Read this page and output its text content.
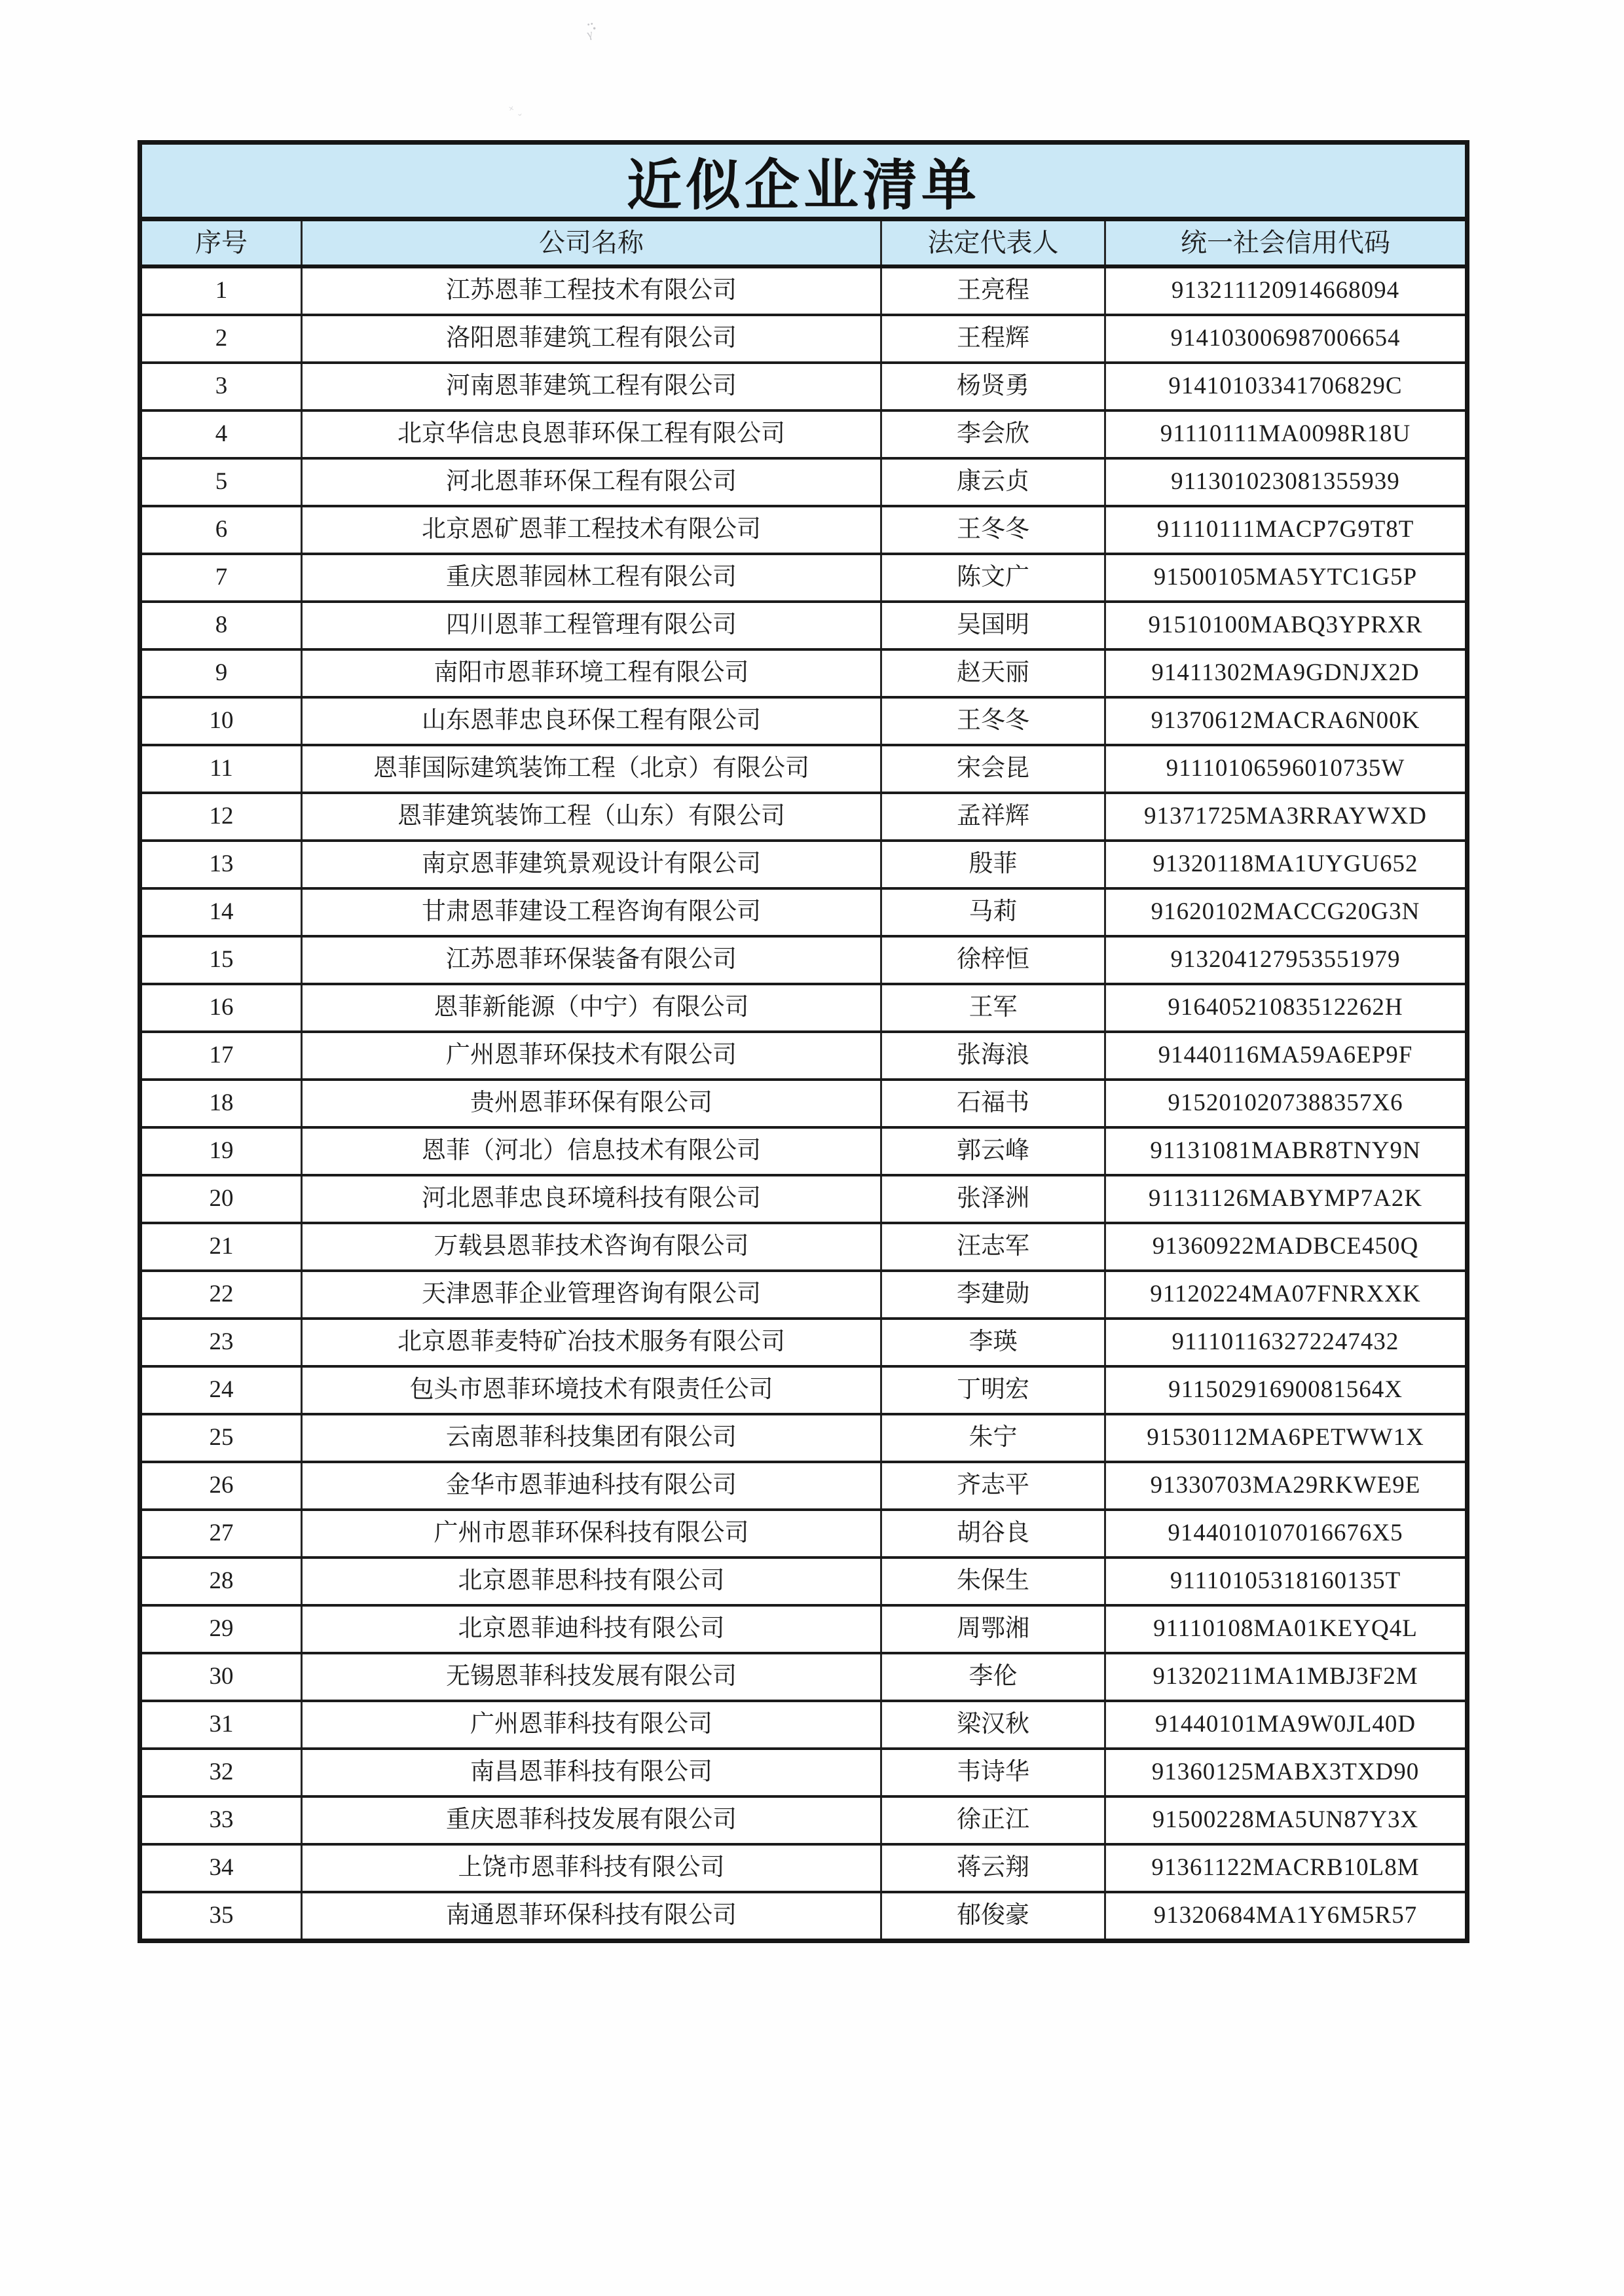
ᵧ̈·
˟ ˬ
近似企业清单
序号	公司名称	法定代表人	统一社会信用代码
1	江苏恩菲工程技术有限公司	王亮程	913211120914668094
2	洛阳恩菲建筑工程有限公司	王程辉	914103006987006654
3	河南恩菲建筑工程有限公司	杨贤勇	91410103341706829C
4	北京华信忠良恩菲环保工程有限公司	李会欣	91110111MA0098R18U
5	河北恩菲环保工程有限公司	康云贞	911301023081355939
6	北京恩矿恩菲工程技术有限公司	王冬冬	91110111MACP7G9T8T
7	重庆恩菲园林工程有限公司	陈文广	91500105MA5YTC1G5P
8	四川恩菲工程管理有限公司	吴国明	91510100MABQ3YPRXR
9	南阳市恩菲环境工程有限公司	赵天丽	91411302MA9GDNJX2D
10	山东恩菲忠良环保工程有限公司	王冬冬	91370612MACRA6N00K
11	恩菲国际建筑装饰工程（北京）有限公司	宋会昆	91110106596010735W
12	恩菲建筑装饰工程（山东）有限公司	孟祥辉	91371725MA3RRAYWXD
13	南京恩菲建筑景观设计有限公司	殷菲	91320118MA1UYGU652
14	甘肃恩菲建设工程咨询有限公司	马莉	91620102MACCG20G3N
15	江苏恩菲环保装备有限公司	徐梓恒	913204127953551979
16	恩菲新能源（中宁）有限公司	王军	91640521083512262H
17	广州恩菲环保技术有限公司	张海浪	91440116MA59A6EP9F
18	贵州恩菲环保有限公司	石福书	9152010207388357X6
19	恩菲（河北）信息技术有限公司	郭云峰	91131081MABR8TNY9N
20	河北恩菲忠良环境科技有限公司	张泽洲	91131126MABYMP7A2K
21	万载县恩菲技术咨询有限公司	汪志军	91360922MADBCE450Q
22	天津恩菲企业管理咨询有限公司	李建勋	91120224MA07FNRXXK
23	北京恩菲麦特矿冶技术服务有限公司	李瑛	911101163272247432
24	包头市恩菲环境技术有限责任公司	丁明宏	91150291690081564X
25	云南恩菲科技集团有限公司	朱宁	91530112MA6PETWW1X
26	金华市恩菲迪科技有限公司	齐志平	91330703MA29RKWE9E
27	广州市恩菲环保科技有限公司	胡谷良	9144010107016676X5
28	北京恩菲思科技有限公司	朱保生	91110105318160135T
29	北京恩菲迪科技有限公司	周鄂湘	91110108MA01KEYQ4L
30	无锡恩菲科技发展有限公司	李伦	91320211MA1MBJ3F2M
31	广州恩菲科技有限公司	梁汉秋	91440101MA9W0JL40D
32	南昌恩菲科技有限公司	韦诗华	91360125MABX3TXD90
33	重庆恩菲科技发展有限公司	徐正江	91500228MA5UN87Y3X
34	上饶市恩菲科技有限公司	蒋云翔	91361122MACRB10L8M
35	南通恩菲环保科技有限公司	郁俊豪	91320684MA1Y6M5R57
